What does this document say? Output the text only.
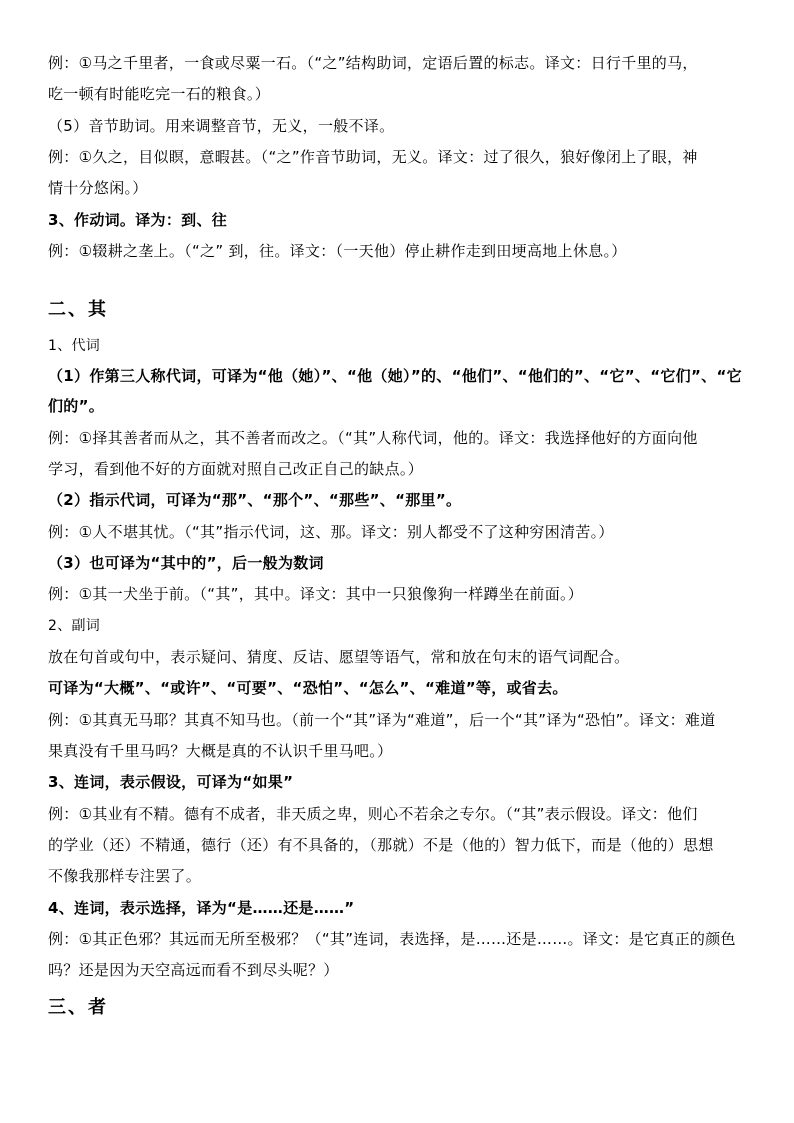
例：①马之千里者，一食或尽粟一石。（“之”结构助词，定语后置的标志。译文：日行千里的马，
吃一顿有时能吃完一石的粮食。）
（5）音节助词。用来调整音节，无义，一般不译。
例：①久之，目似瞑，意暇甚。（“之”作音节助词，无义。译文：过了很久，狼好像闭上了眼，神
情十分悠闲。）
3、作动词。译为：到、往
例：①辍耕之垄上。（“之” 到，往。译文：（一天他）停止耕作走到田埂高地上休息。）
二、其
1、代词
（1）作第三人称代词，可译为“他（她）”、“他（她）”的、“他们”、“他们的”、“它”、“它们”、“它
们的”。
例：①择其善者而从之，其不善者而改之。（“其”人称代词，他的。译文：我选择他好的方面向他
学习，看到他不好的方面就对照自己改正自己的缺点。）
（2）指示代词，可译为“那”、“那个”、“那些”、“那里”。
例：①人不堪其忧。（“其”指示代词，这、那。译文：别人都受不了这种穷困清苦。）
（3）也可译为“其中的”，后一般为数词
例：①其一犬坐于前。（“其”，其中。译文：其中一只狼像狗一样蹲坐在前面。）
2、副词
放在句首或句中，表示疑问、猜度、反诘、愿望等语气，常和放在句末的语气词配合。
可译为“大概”、“或许”、“可要”、“恐怕”、“怎么”、“难道”等，或省去。
例：①其真无马耶？其真不知马也。（前一个“其”译为“难道”，后一个“其”译为“恐怕”。译文：难道
果真没有千里马吗？大概是真的不认识千里马吧。）
3、连词，表示假设，可译为“如果”
例：①其业有不精。德有不成者，非天质之卑，则心不若余之专尔。（“其”表示假设。译文：他们
的学业（还）不精通，德行（还）有不具备的，（那就）不是（他的）智力低下，而是（他的）思想
不像我那样专注罢了。
4、连词，表示选择，译为“是……还是……”
例：①其正色邪？其远而无所至极邪？（“其”连词，表选择，是……还是……。译文：是它真正的颜色
吗？还是因为天空高远而看不到尽头呢？）
三、者
